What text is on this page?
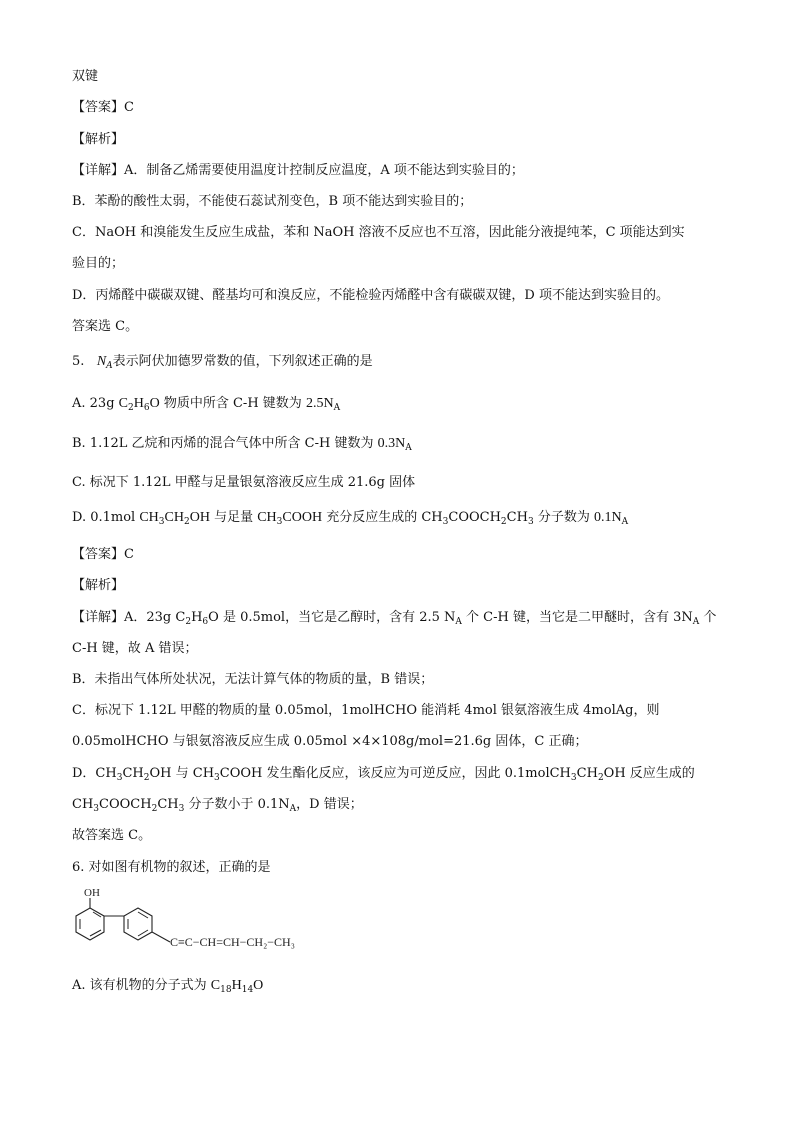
双键
【答案】C
【解析】
【详解】A．制备乙烯需要使用温度计控制反应温度，A 项不能达到实验目的；
B．苯酚的酸性太弱，不能使石蕊试剂变色，B 项不能达到实验目的；
C．NaOH 和溴能发生反应生成盐，苯和 NaOH 溶液不反应也不互溶，因此能分液提纯苯，C 项能达到实
验目的；
D．丙烯醛中碳碳双键、醛基均可和溴反应，不能检验丙烯醛中含有碳碳双键，D 项不能达到实验目的。
答案选 C。
5.   $N_A$表示阿伏加德罗常数的值，下列叙述正确的是
A. 23g $C_2H_6O$ 物质中所含 C-H 键数为 $2.5N_A$
B. 1.12L 乙烷和丙烯的混合气体中所含 C-H 键数为 $0.3N_A$
C. 标况下 1.12L 甲醛与足量银氨溶液反应生成 21.6g 固体
D. 0.1mol $CH_3CH_2OH$ 与足量 $CH_3COOH$ 充分反应生成的 $CH_3COOCH_2CH_3$ 分子数为 $0.1N_A$
【答案】C
【解析】
【详解】A．23g $C_2H_6O$ 是 0.5mol，当它是乙醇时，含有 2.5 $N_A$ 个 C-H 键，当它是二甲醚时，含有 $3N_A$ 个
C-H 键，故 A 错误；
B．未指出气体所处状况，无法计算气体的物质的量，B 错误；
C．标况下 1.12L 甲醛的物质的量 0.05mol，1molHCHO 能消耗 4mol 银氨溶液生成 4molAg，则
0.05molHCHO 与银氨溶液反应生成 0.05mol ×4×108g/mol=21.6g 固体，C 正确；
D．$CH_3CH_2OH$ 与 $CH_3COOH$ 发生酯化反应，该反应为可逆反应，因此 $0.1molCH_3CH_2OH$ 反应生成的
$CH_3COOCH_2CH_3$ 分子数小于 $0.1N_A$，D 错误；
故答案选 C。
6. 对如图有机物的叙述，正确的是
A. 该有机物的分子式为 $C_{18}H_{14}O$
OH
C≡C−CH=CH−CH₂−CH₃
